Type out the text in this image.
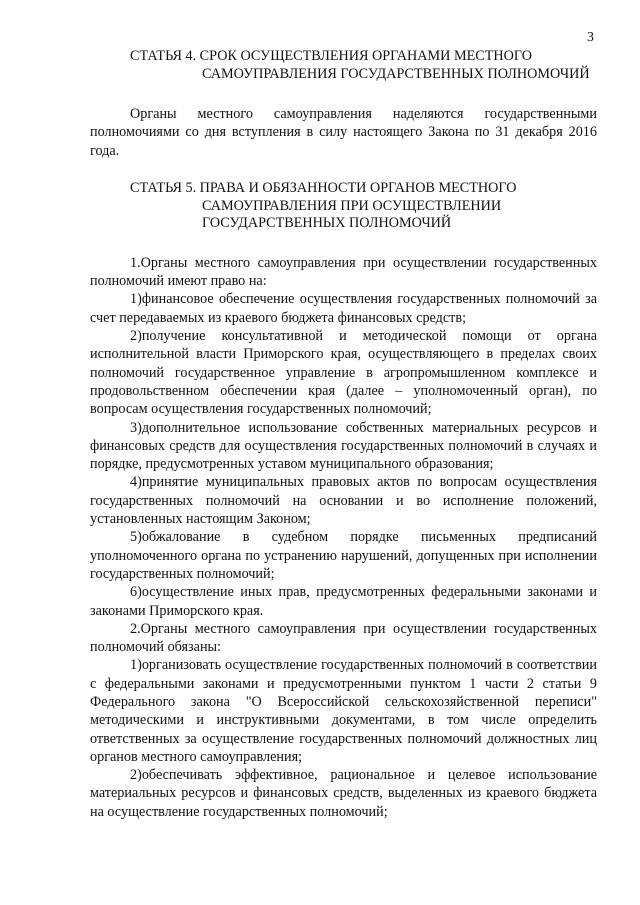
3
СТАТЬЯ 4. СРОК ОСУЩЕСТВЛЕНИЯ ОРГАНАМИ МЕСТНОГО
САМОУПРАВЛЕНИЯ ГОСУДАРСТВЕННЫХ ПОЛНОМОЧИЙ

Органы местного самоуправления наделяются государственными полномочиями со дня вступления в силу настоящего Закона по 31 декабря 2016 года.

СТАТЬЯ 5. ПРАВА И ОБЯЗАННОСТИ ОРГАНОВ МЕСТНОГО
САМОУПРАВЛЕНИЯ ПРИ ОСУЩЕСТВЛЕНИИ ГОСУДАРСТВЕННЫХ ПОЛНОМОЧИЙ

1.Органы местного самоуправления при осуществлении государственных полномочий имеют право на:

1)финансовое обеспечение осуществления государственных полномочий за счет передаваемых из краевого бюджета финансовых средств;

2)получение консультативной и методической помощи от органа исполнительной власти Приморского края, осуществляющего в пределах своих полномочий государственное управление в агропромышленном комплексе и продовольственном обеспечении края (далее – уполномоченный орган), по вопросам осуществления государственных полномочий;

3)дополнительное использование собственных материальных ресурсов и финансовых средств для осуществления государственных полномочий в случаях и порядке, предусмотренных уставом муниципального образования;

4)принятие муниципальных правовых актов по вопросам осуществления государственных полномочий на основании и во исполнение положений, установленных настоящим Законом;

5)обжалование в судебном порядке письменных предписаний уполномоченного органа по устранению нарушений, допущенных при исполнении государственных полномочий;

6)осуществление иных прав, предусмотренных федеральными законами и законами Приморского края.

2.Органы местного самоуправления при осуществлении государственных полномочий обязаны:

1)организовать осуществление государственных полномочий в соответствии с федеральными законами и предусмотренными пунктом 1 части 2 статьи 9 Федерального закона "О Всероссийской сельскохозяйственной переписи" методическими и инструктивными документами, в том числе определить ответственных за осуществление государственных полномочий должностных лиц органов местного самоуправления;

2)обеспечивать эффективное, рациональное и целевое использование материальных ресурсов и финансовых средств, выделенных из краевого бюджета на осуществление государственных полномочий;
